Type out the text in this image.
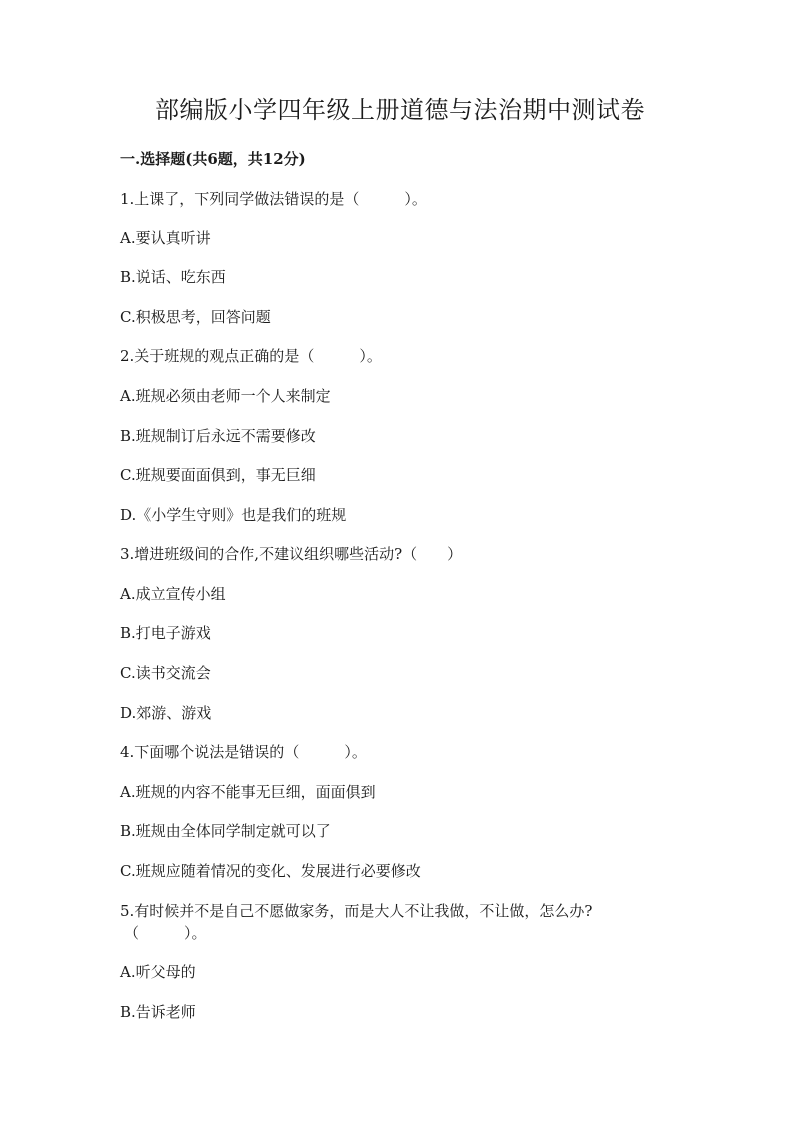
部编版小学四年级上册道德与法治期中测试卷

一.选择题(共6题，共12分)

1.上课了，下列同学做法错误的是（　　　）。

A.要认真听讲

B.说话、吃东西

C.积极思考，回答问题

2.关于班规的观点正确的是（　　　）。

A.班规必须由老师一个人来制定

B.班规制订后永远不需要修改

C.班规要面面俱到，事无巨细

D.《小学生守则》也是我们的班规

3.增进班级间的合作,不建议组织哪些活动?（　　）

A.成立宣传小组

B.打电子游戏

C.读书交流会

D.郊游、游戏

4.下面哪个说法是错误的（　　　）。

A.班规的内容不能事无巨细，面面俱到

B.班规由全体同学制定就可以了

C.班规应随着情况的变化、发展进行必要修改

5.有时候并不是自己不愿做家务，而是大人不让我做，不让做，怎么办?

（　　　）。

A.听父母的

B.告诉老师
